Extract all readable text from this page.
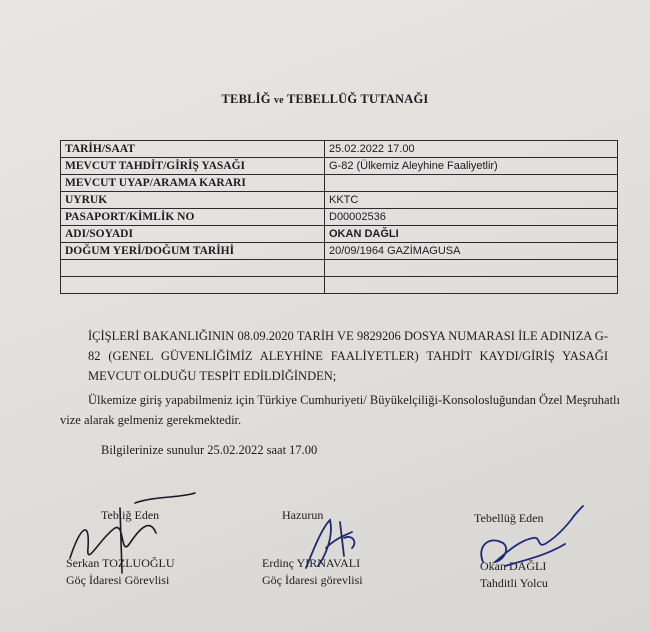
TEBLİĞ ve TEBELLÜĞ TUTANAĞI
TARİH/SAAT	25.02.2022 17.00
MEVCUT TAHDİT/GİRİŞ YASAĞI	G-82 (Ülkemiz Aleyhine Faaliyetlir)
MEVCUT UYAP/ARAMA KARARI	
UYRUK	KKTC
PASAPORT/KİMLİK NO	D00002536
ADI/SOYADI	OKAN DAĞLI
DOĞUM YERİ/DOĞUM TARİHİ	20/09/1964 GAZİMAGUSA

İÇİŞLERİ BAKANLIĞININ 08.09.2020 TARİH VE 9829206 DOSYA NUMARASI İLE ADINIZA G-82 (GENEL GÜVENLİĞİMİZ ALEYHİNE FAALİYETLER) TAHDİT KAYDI/GİRİŞ YASAĞI MEVCUT OLDUĞU TESPİT EDİLDİĞİNDEN;
Ülkemize giriş yapabilmeniz için Türkiye Cumhuriyeti/ Büyükelçiliği-Konsolosluğundan Özel Meşruhatlı vize alarak gelmeniz gerekmektedir.
Bilgilerinize sunulur 25.02.2022 saat 17.00
Tebliğ Eden
Serkan TOZLUOĞLU
Göç İdaresi Görevlisi
Hazurun
Erdinç YIRNAVALI
Göç İdaresi görevlisi
Tebellüğ Eden
Okan DAĞLI
Tahditli Yolcu
